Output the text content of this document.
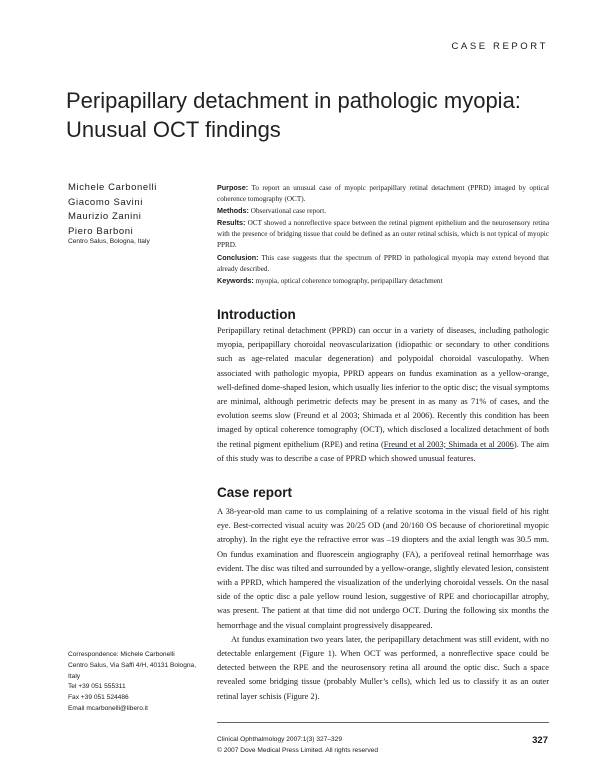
CASE REPORT
Peripapillary detachment in pathologic myopia:
Unusual OCT findings
Michele Carbonelli
Giacomo Savini
Maurizio Zanini
Piero Barboni
Centro Salus, Bologna, Italy

Purpose: To report an unusual case of myopic peripapillary retinal detachment (PPRD) imaged by optical coherence tomography (OCT).

Methods: Observational case report.

Results: OCT showed a nonreflective space between the retinal pigment epithelium and the neurosensory retina with the presence of bridging tissue that could be defined as an outer retinal schisis, which is not typical of myopic PPRD.

Conclusion: This case suggests that the spectrum of PPRD in pathological myopia may extend beyond that already described.

Keywords: myopia, optical coherence tomography, peripapillary detachment

Introduction

Peripapillary retinal detachment (PPRD) can occur in a variety of diseases, including pathologic myopia, peripapillary choroidal neovascularization (idiopathic or secondary to other conditions such as age-related macular degeneration) and polypoidal choroidal vasculopathy. When associated with pathologic myopia, PPRD appears on fundus examination as a yellow-orange, well-defined dome-shaped lesion, which usually lies inferior to the optic disc; the visual symptoms are minimal, although perimetric defects may be present in as many as 71% of cases, and the evolution seems slow (Freund et al 2003; Shimada et al 2006). Recently this condition has been imaged by optical coherence tomography (OCT), which disclosed a localized detachment of both the retinal pigment epithelium (RPE) and retina (Freund et al 2003; Shimada et al 2006). The aim of this study was to describe a case of PPRD which showed unusual features.

Case report

A 38-year-old man came to us complaining of a relative scotoma in the visual field of his right eye. Best-corrected visual acuity was 20/25 OD (and 20/160 OS because of chorioretinal myopic atrophy). In the right eye the refractive error was –19 diopters and the axial length was 30.5 mm. On fundus examination and fluorescein angiography (FA), a perifoveal retinal hemorrhage was evident. The disc was tilted and surrounded by a yellow-orange, slightly elevated lesion, consistent with a PPRD, which hampered the visualization of the underlying choroidal vessels. On the nasal side of the optic disc a pale yellow round lesion, suggestive of RPE and choriocapillar atrophy, was present. The patient at that time did not undergo OCT. During the following six months the hemorrhage and the visual complaint progressively disappeared.

At fundus examination two years later, the peripapillary detachment was still evident, with no detectable enlargement (Figure 1). When OCT was performed, a nonreflective space could be detected between the RPE and the neurosensory retina all around the optic disc. Such a space revealed some bridging tissue (probably Muller’s cells), which led us to classify it as an outer retinal layer schisis (Figure 2).

Correspondence: Michele Carbonelli
Centro Salus, Via Saffi 4/H, 40131 Bologna,
Italy
Tel +39 051 555311
Fax +39 051 524486
Email mcarbonelli@libero.it
Clinical Ophthalmology 2007:1(3) 327–329
© 2007 Dove Medical Press Limited. All rights reserved
327
